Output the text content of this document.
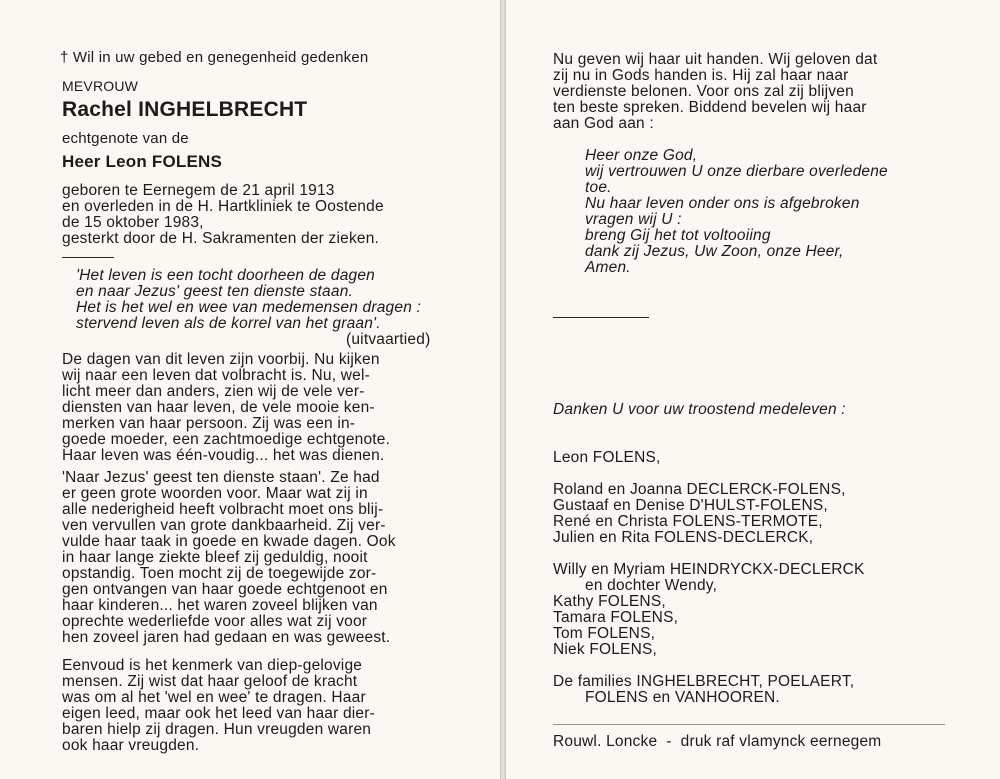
† Wil in uw gebed en genegenheid gedenken
MEVROUW
Rachel INGHELBRECHT
echtgenote van de
Heer Leon FOLENS
geboren te Eernegem de 21 april 1913
en overleden in de H. Hartkliniek te Oostende
de 15 oktober 1983,
gesterkt door de H. Sakramenten der zieken.
'Het leven is een tocht doorheen de dagen
en naar Jezus' geest ten dienste staan.
Het is het wel en wee van medemensen dragen :
stervend leven als de korrel van het graan'.
(uitvaartied)
De dagen van dit leven zijn voorbij. Nu kijken
wij naar een leven dat volbracht is. Nu, wel-
licht meer dan anders, zien wij de vele ver-
diensten van haar leven, de vele mooie ken-
merken van haar persoon. Zij was een in-
goede moeder, een zachtmoedige echtgenote.
Haar leven was één-voudig... het was dienen.
'Naar Jezus' geest ten dienste staan'. Ze had
er geen grote woorden voor. Maar wat zij in
alle nederigheid heeft volbracht moet ons blij-
ven vervullen van grote dankbaarheid. Zij ver-
vulde haar taak in goede en kwade dagen. Ook
in haar lange ziekte bleef zij geduldig, nooit
opstandig. Toen mocht zij de toegewijde zor-
gen ontvangen van haar goede echtgenoot en
haar kinderen... het waren zoveel blijken van
oprechte wederliefde voor alles wat zij voor
hen zoveel jaren had gedaan en was geweest.
Eenvoud is het kenmerk van diep-gelovige
mensen. Zij wist dat haar geloof de kracht
was om al het 'wel en wee' te dragen. Haar
eigen leed, maar ook het leed van haar dier-
baren hielp zij dragen. Hun vreugden waren
ook haar vreugden.
Nu geven wij haar uit handen. Wij geloven dat
zij nu in Gods handen is. Hij zal haar naar
verdienste belonen. Voor ons zal zij blijven
ten beste spreken. Biddend bevelen wij haar
aan God aan :
Heer onze God,
wij vertrouwen U onze dierbare overledene
toe.
Nu haar leven onder ons is afgebroken
vragen wij U :
breng Gij het tot voltooiing
dank zij Jezus, Uw Zoon, onze Heer,
Amen.
Danken U voor uw troostend medeleven :
Leon FOLENS,
Roland en Joanna DECLERCK-FOLENS,
Gustaaf en Denise D'HULST-FOLENS,
René en Christa FOLENS-TERMOTE,
Julien en Rita FOLENS-DECLERCK,
Willy en Myriam HEINDRYCKX-DECLERCK
en dochter Wendy,
Kathy FOLENS,
Tamara FOLENS,
Tom FOLENS,
Niek FOLENS,
De families INGHELBRECHT, POELAERT,
FOLENS en VANHOOREN.
Rouwl. Loncke  -  druk raf vlamynck eernegem
